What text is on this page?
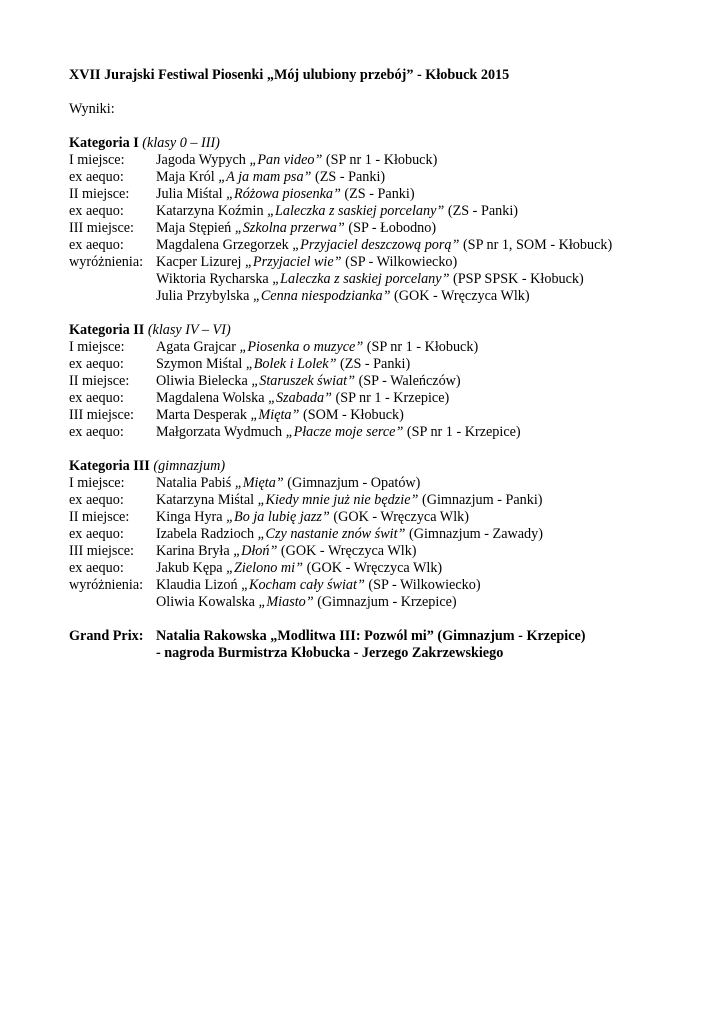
XVII Jurajski Festiwal Piosenki „Mój ulubiony przebój” - Kłobuck 2015
Wyniki:
Kategoria I (klasy 0 – III)
I miejsce:	Jagoda Wypych „Pan video” (SP nr 1 - Kłobuck)
ex aequo:	Maja Król „A ja mam psa” (ZS - Panki)
II miejsce:	Julia Miśtal „Różowa piosenka” (ZS - Panki)
ex aequo:	Katarzyna Koźmin „Laleczka z saskiej porcelany” (ZS - Panki)
III miejsce:	Maja Stępień „Szkolna przerwa” (SP - Łobodno)
ex aequo:	Magdalena Grzegorzek „Przyjaciel deszczową porą” (SP nr 1, SOM - Kłobuck)
wyróżnienia: Kacper Lizurej „Przyjaciel wie” (SP - Wilkowiecko)
Wiktoria Rycharska „Laleczka z saskiej porcelany” (PSP SPSK - Kłobuck)
Julia Przybylska „Cenna niespodzianka” (GOK - Wręczyca Wlk)
Kategoria II (klasy IV – VI)
I miejsce:	Agata Grajcar „Piosenka o muzyce” (SP nr 1 - Kłobuck)
ex aequo:	Szymon Miśtal „Bolek i Lolek” (ZS - Panki)
II miejsce:	Oliwia Bielecka „Staruszek świat” (SP - Waleńczów)
ex aequo:	Magdalena Wolska „Szabada” (SP nr 1 - Krzepice)
III miejsce:	Marta Desperak „Mięta” (SOM - Kłobuck)
ex aequo:	Małgorzata Wydmuch „Płacze moje serce” (SP nr 1 - Krzepice)
Kategoria III (gimnazjum)
I miejsce:	Natalia Pabiś „Mięta” (Gimnazjum - Opatów)
ex aequo:	Katarzyna Miśtal „Kiedy mnie już nie będzie” (Gimnazjum - Panki)
II miejsce:	Kinga Hyra „Bo ja lubię jazz” (GOK - Wręczyca Wlk)
ex aequo:	Izabela Radzioch „Czy nastanie znów świt” (Gimnazjum - Zawady)
III miejsce:	Karina Bryła „Dłoń” (GOK - Wręczyca Wlk)
ex aequo:	Jakub Kępa „Zielono mi” (GOK - Wręczyca Wlk)
wyróżnienia: Klaudia Lizoń „Kocham cały świat” (SP - Wilkowiecko)
Oliwia Kowalska „Miasto” (Gimnazjum - Krzepice)
Grand Prix: Natalia Rakowska „Modlitwa III: Pozwól mi” (Gimnazjum - Krzepice)
- nagroda Burmistrza Kłobucka - Jerzego Zakrzewskiego
